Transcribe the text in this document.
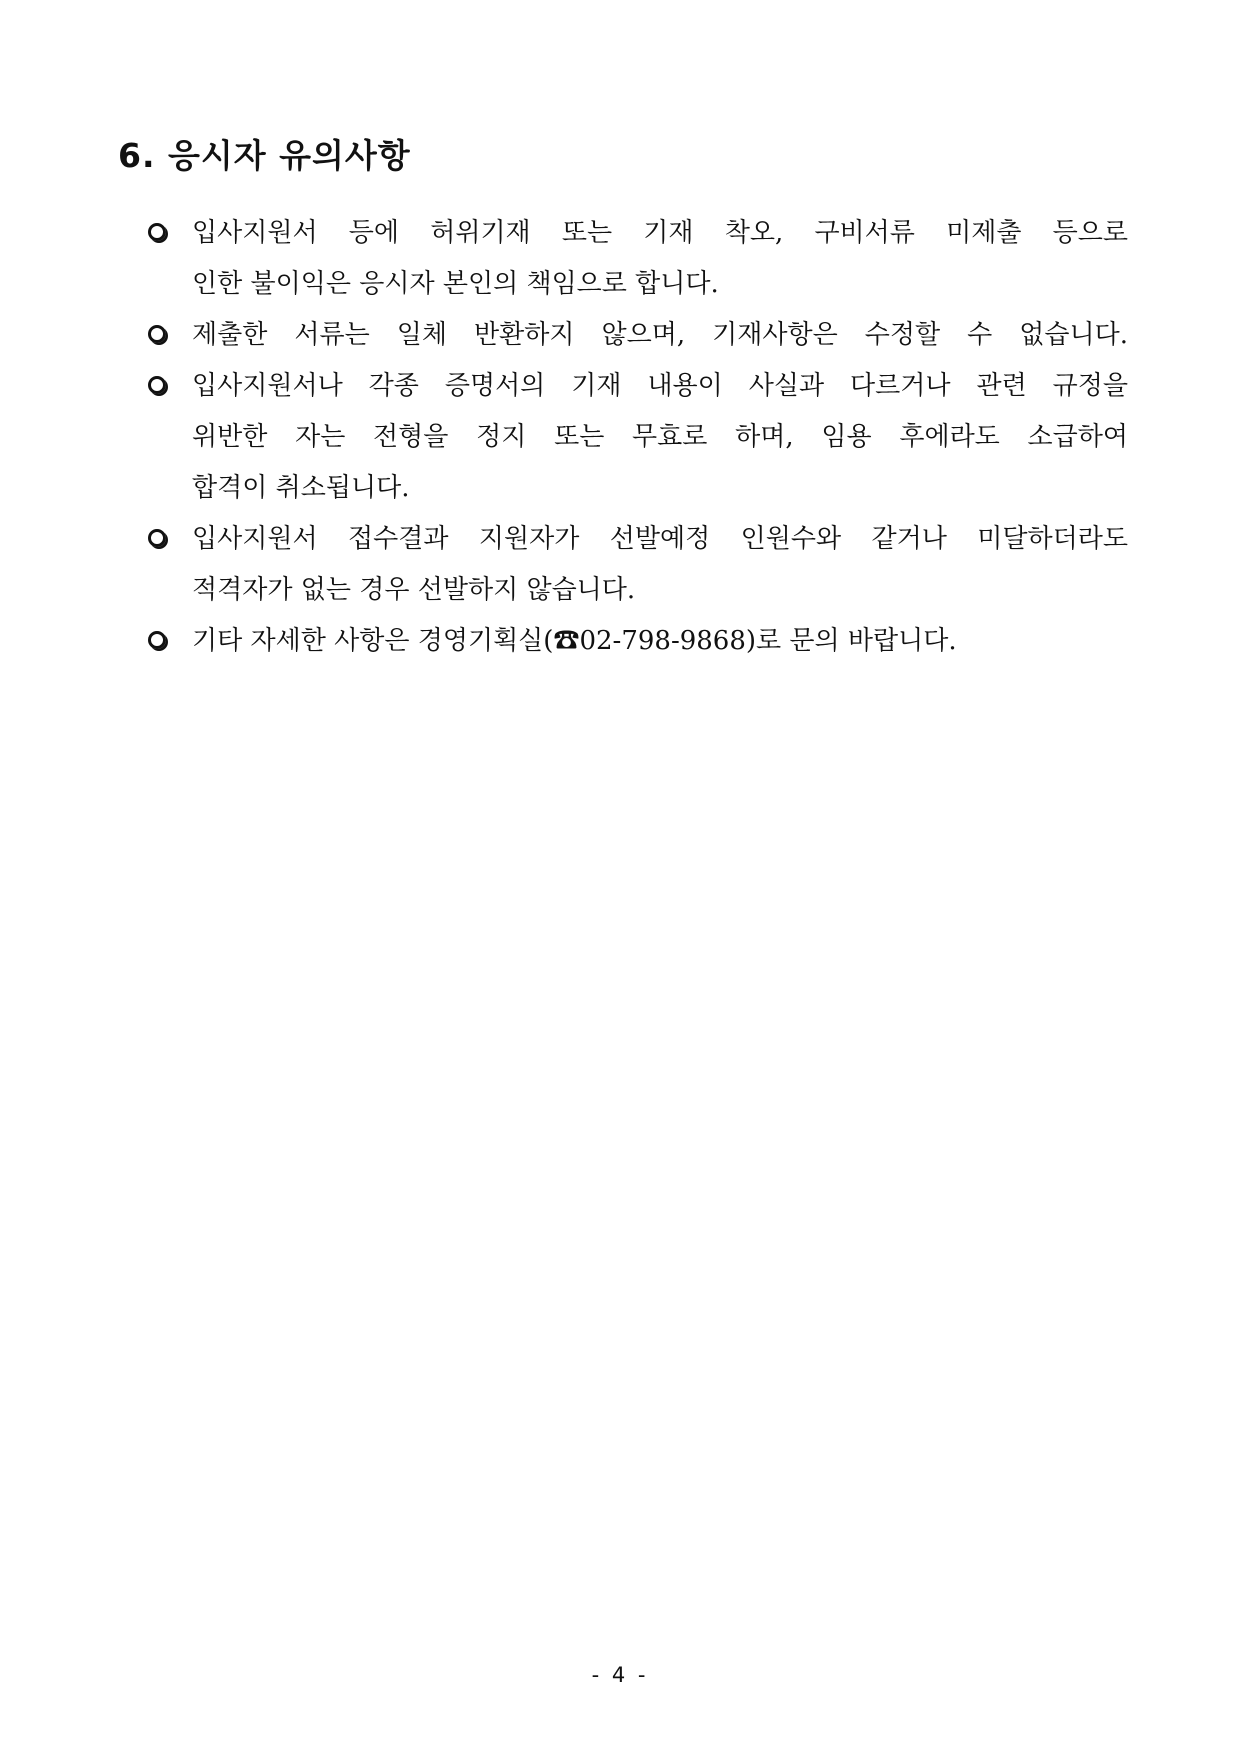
6. 응시자 유의사항
입사지원서 등에 허위기재 또는 기재 착오, 구비서류 미제출 등으로
인한 불이익은 응시자 본인의 책임으로 합니다.
제출한 서류는 일체 반환하지 않으며, 기재사항은 수정할 수 없습니다.
입사지원서나 각종 증명서의 기재 내용이 사실과 다르거나 관련 규정을
위반한 자는 전형을 정지 또는 무효로 하며, 임용 후에라도 소급하여
합격이 취소됩니다.
입사지원서 접수결과 지원자가 선발예정 인원수와 같거나 미달하더라도
적격자가 없는 경우 선발하지 않습니다.
기타 자세한 사항은 경영기획실(☎02-798-9868)로 문의 바랍니다.
- 4 -
